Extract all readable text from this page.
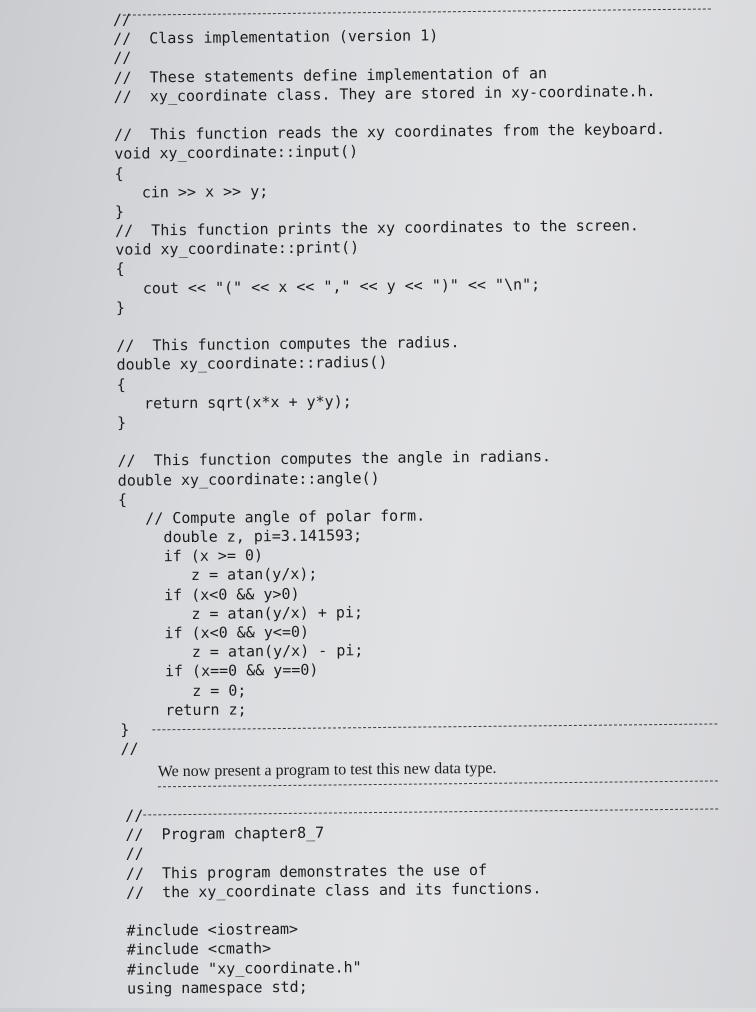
//
//  Class implementation (version 1)
//
//  These statements define implementation of an
//  xy_coordinate class. They are stored in xy-coordinate.h.
//  This function reads the xy coordinates from the keyboard.
void xy_coordinate::input()
{
cin >> x >> y;
}
//  This function prints the xy coordinates to the screen.
void xy_coordinate::print()
{
cout << "(" << x << "," << y << ")" << "\n";
}
//  This function computes the radius.
double xy_coordinate::radius()
{
return sqrt(x*x + y*y);
}
//  This function computes the angle in radians.
double xy_coordinate::angle()
{
// Compute angle of polar form.
double z, pi=3.141593;
if (x >= 0)
z = atan(y/x);
if (x<0 && y>0)
z = atan(y/x) + pi;
if (x<0 && y<=0)
z = atan(y/x) - pi;
if (x==0 && y==0)
z = 0;
return z;
}
//
We now present a program to test this new data type.
//
//  Program chapter8_7
//
//  This program demonstrates the use of
//  the xy_coordinate class and its functions.
#include <iostream>
#include <cmath>
#include "xy_coordinate.h"
using namespace std;
